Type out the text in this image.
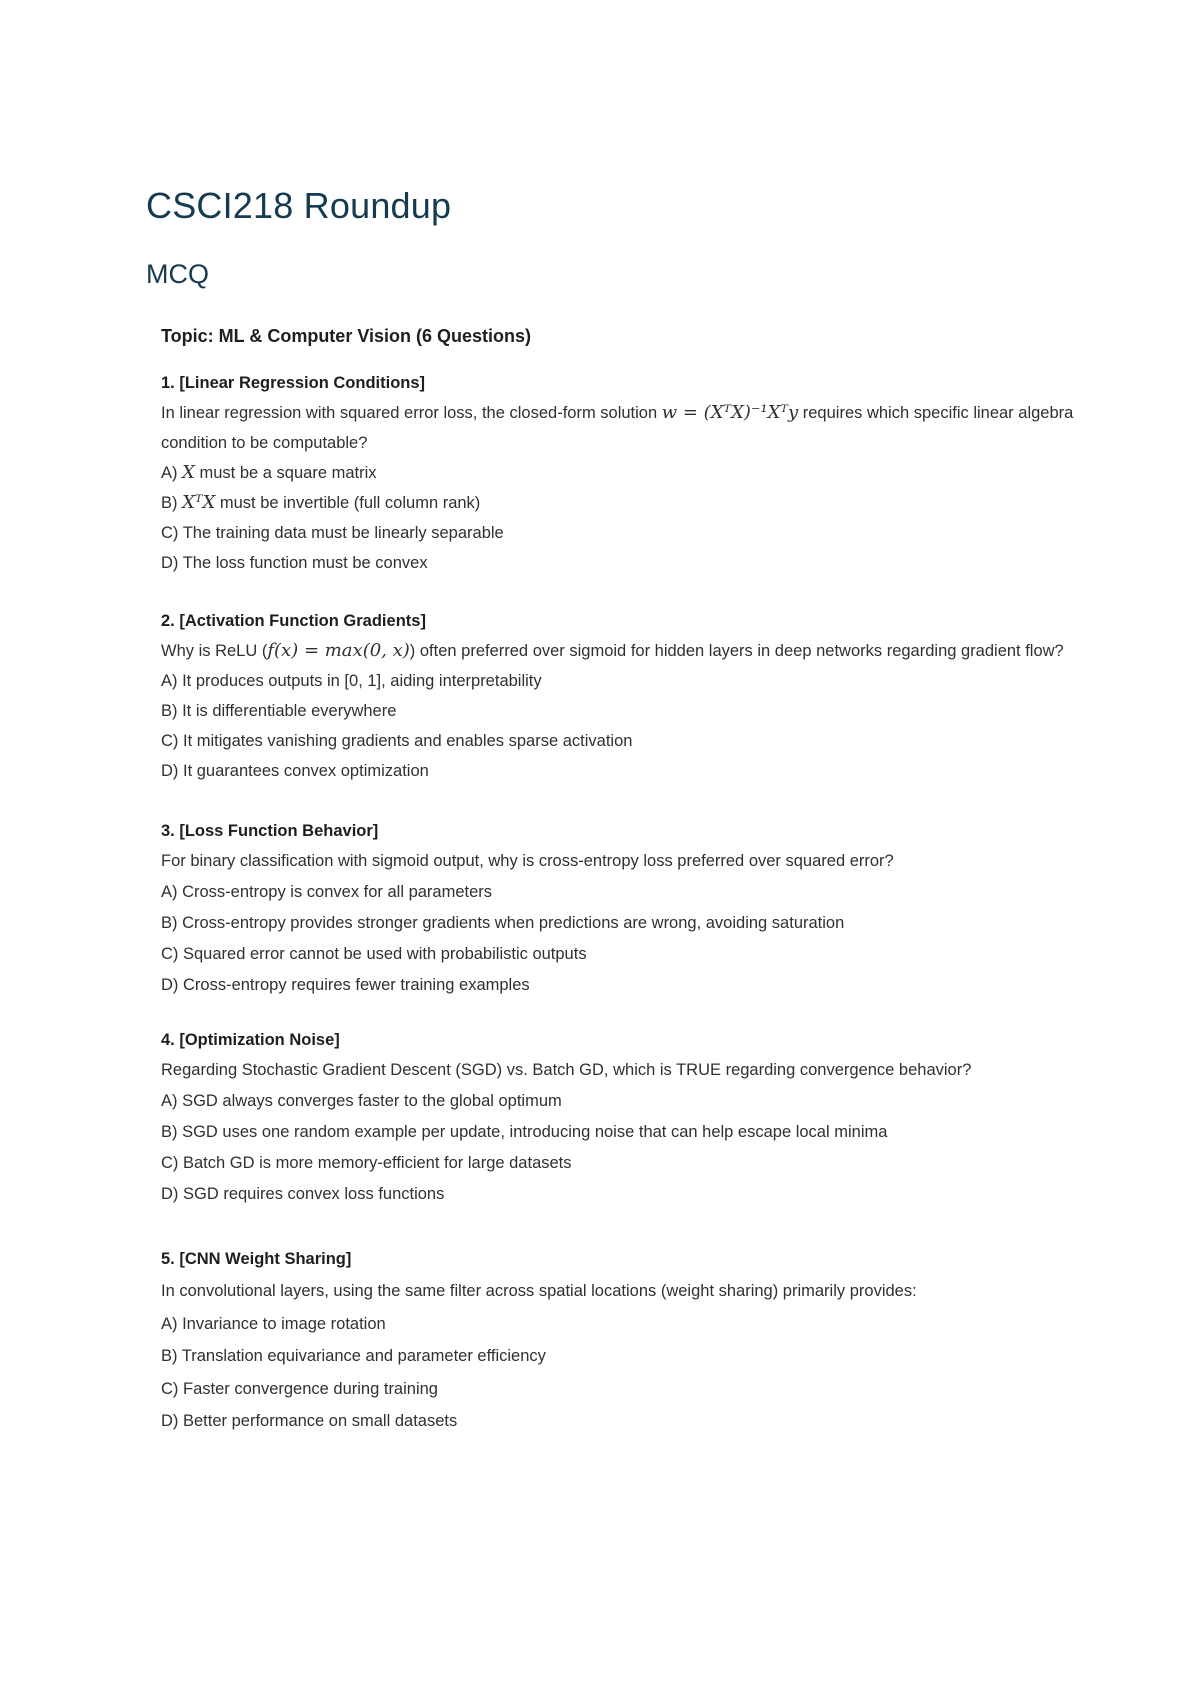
CSCI218 Roundup
MCQ

Topic: ML & Computer Vision (6 Questions)

1. [Linear Regression Conditions]

In linear regression with squared error loss, the closed-form solution w = (XᵀX)⁻¹Xᵀy requires which specific linear algebra condition to be computable?

A) X must be a square matrix

B) XᵀX must be invertible (full column rank)

C) The training data must be linearly separable

D) The loss function must be convex

2. [Activation Function Gradients]

Why is ReLU (f(x) = max(0, x)) often preferred over sigmoid for hidden layers in deep networks regarding gradient flow?

A) It produces outputs in [0, 1], aiding interpretability

B) It is differentiable everywhere

C) It mitigates vanishing gradients and enables sparse activation

D) It guarantees convex optimization

3. [Loss Function Behavior]

For binary classification with sigmoid output, why is cross-entropy loss preferred over squared error?

A) Cross-entropy is convex for all parameters

B) Cross-entropy provides stronger gradients when predictions are wrong, avoiding saturation

C) Squared error cannot be used with probabilistic outputs

D) Cross-entropy requires fewer training examples

4. [Optimization Noise]

Regarding Stochastic Gradient Descent (SGD) vs. Batch GD, which is TRUE regarding convergence behavior?

A) SGD always converges faster to the global optimum

B) SGD uses one random example per update, introducing noise that can help escape local minima

C) Batch GD is more memory-efficient for large datasets

D) SGD requires convex loss functions

5. [CNN Weight Sharing]

In convolutional layers, using the same filter across spatial locations (weight sharing) primarily provides:

A) Invariance to image rotation

B) Translation equivariance and parameter efficiency

C) Faster convergence during training

D) Better performance on small datasets
